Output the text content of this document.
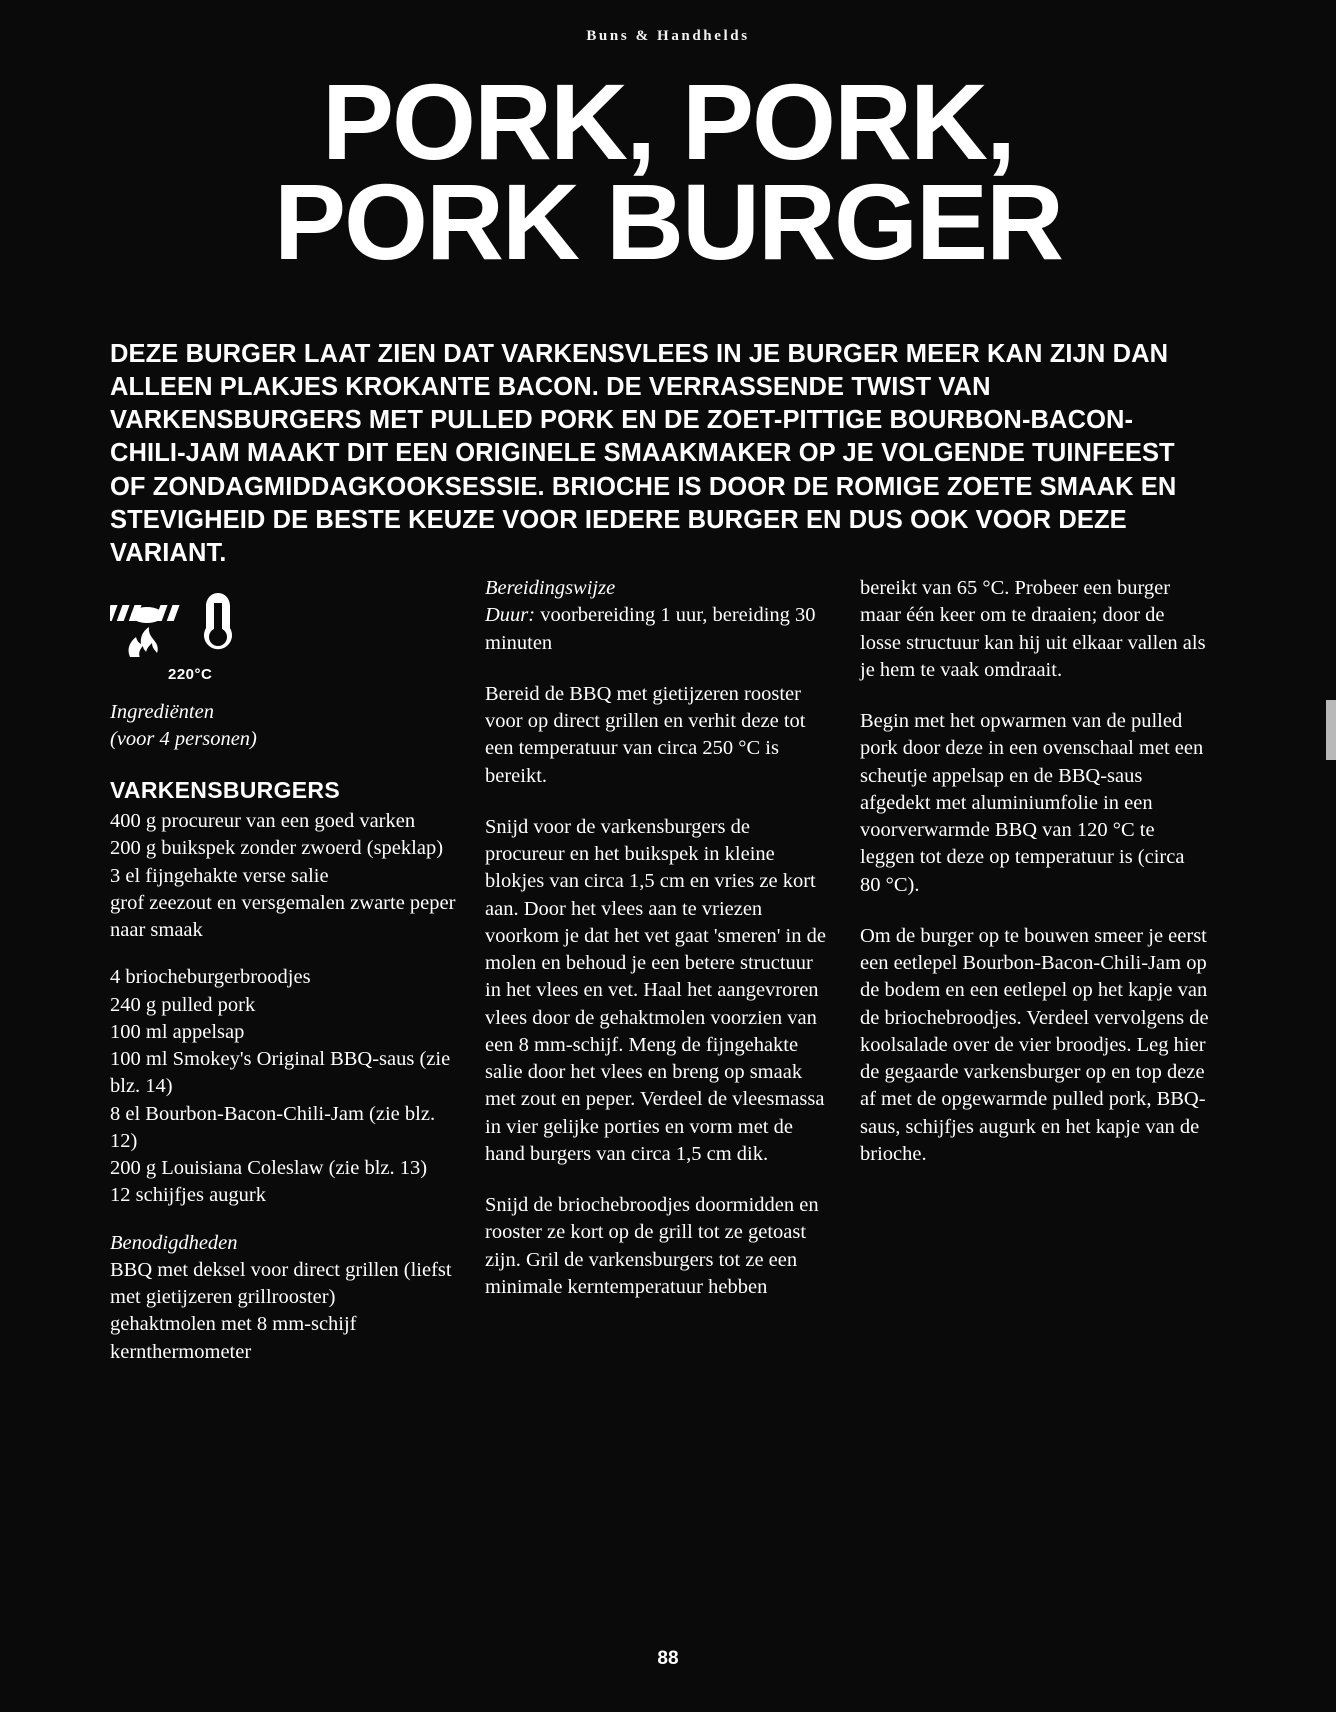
Buns & Handhelds
PORK, PORK,
PORK BURGER
DEZE BURGER LAAT ZIEN DAT VARKENSVLEES IN JE BURGER MEER KAN ZIJN DAN ALLEEN PLAKJES KROKANTE BACON. DE VERRASSENDE TWIST VAN VARKENSBURGERS MET PULLED PORK EN DE ZOET-PITTIGE BOURBON-BACON-CHILI-JAM MAAKT DIT EEN ORIGINELE SMAAKMAKER OP JE VOLGENDE TUINFEEST OF ZONDAGMIDDAGKOOKSESSIE. BRIOCHE IS DOOR DE ROMIGE ZOETE SMAAK EN STEVIGHEID DE BESTE KEUZE VOOR IEDERE BURGER EN DUS OOK VOOR DEZE VARIANT.
220°C

Ingrediënten

(voor 4 personen)

VARKENSBURGERS

400 g procureur van een goed varken

200 g buikspek zonder zwoerd (speklap)

3 el fijngehakte verse salie

grof zeezout en versgemalen zwarte peper naar smaak

4 briocheburgerbroodjes

240 g pulled pork

100 ml appelsap

100 ml Smokey's Original BBQ-saus (zie blz. 14)

8 el Bourbon-Bacon-Chili-Jam (zie blz. 12)

200 g Louisiana Coleslaw (zie blz. 13)

12 schijfjes augurk

Benodigdheden

BBQ met deksel voor direct grillen (liefst met gietijzeren grillrooster)

gehaktmolen met 8 mm-schijf

kernthermometer

Bereidingswijze

Duur: voorbereiding 1 uur, bereiding 30 minuten

Bereid de BBQ met gietijzeren rooster voor op direct grillen en verhit deze tot een temperatuur van circa 250 °C is bereikt.

Snijd voor de varkensburgers de procureur en het buikspek in kleine blokjes van circa 1,5 cm en vries ze kort aan. Door het vlees aan te vriezen voorkom je dat het vet gaat 'smeren' in de molen en behoud je een betere structuur in het vlees en vet. Haal het aangevroren vlees door de gehaktmolen voorzien van een 8 mm-schijf. Meng de fijngehakte salie door het vlees en breng op smaak met zout en peper. Verdeel de vleesmassa in vier gelijke porties en vorm met de hand burgers van circa 1,5 cm dik.

Snijd de briochebroodjes doormidden en rooster ze kort op de grill tot ze getoast zijn. Gril de varkensburgers tot ze een minimale kerntemperatuur hebben

bereikt van 65 °C. Probeer een burger maar één keer om te draaien; door de losse structuur kan hij uit elkaar vallen als je hem te vaak omdraait.

Begin met het opwarmen van de pulled pork door deze in een ovenschaal met een scheutje appelsap en de BBQ-saus afgedekt met aluminiumfolie in een voorverwarmde BBQ van 120 °C te leggen tot deze op temperatuur is (circa 80 °C).

Om de burger op te bouwen smeer je eerst een eetlepel Bourbon-Bacon-Chili-Jam op de bodem en een eetlepel op het kapje van de briochebroodjes. Verdeel vervolgens de koolsalade over de vier broodjes. Leg hier de gegaarde varkensburger op en top deze af met de opgewarmde pulled pork, BBQ-saus, schijfjes augurk en het kapje van de brioche.

88
